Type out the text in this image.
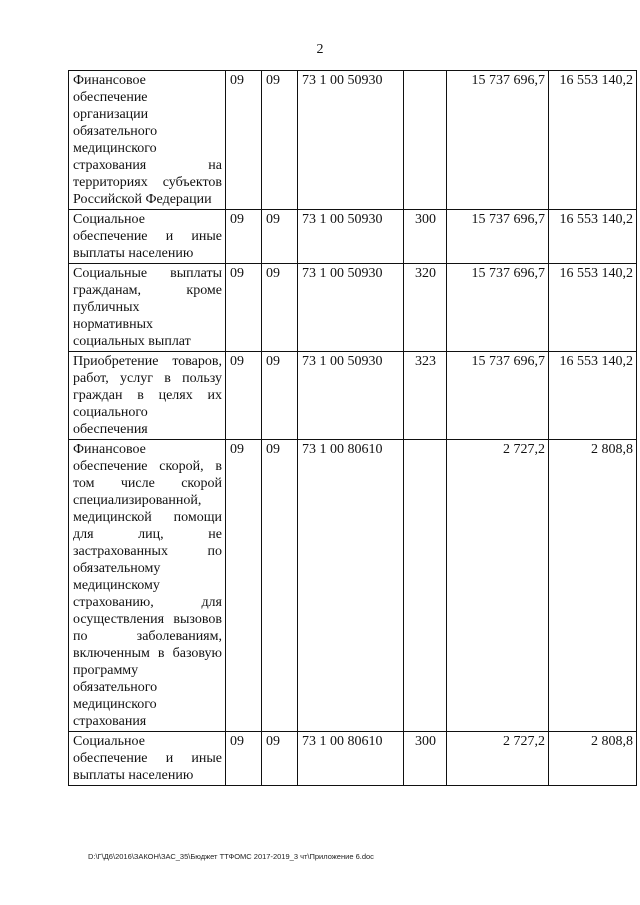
2
Финансовое обеспечение организации обязательного медицинского страхования на территориях субъектов Российской Федерации	09	09	73 1 00 50930		15 737 696,7	16 553 140,2
Социальное обеспечение и иные выплаты населению	09	09	73 1 00 50930	300	15 737 696,7	16 553 140,2
Социальные выплаты гражданам, кроме публичных нормативных социальных выплат	09	09	73 1 00 50930	320	15 737 696,7	16 553 140,2
Приобретение товаров, работ, услуг в пользу граждан в целях их социального обеспечения	09	09	73 1 00 50930	323	15 737 696,7	16 553 140,2
Финансовое обеспечение скорой, в том числе скорой специализированной, медицинской помощи для лиц, не застрахованных по обязательному медицинскому страхованию, для осуществления вызовов по заболеваниям, включенным в базовую программу обязательного медицинского страхования	09	09	73 1 00 80610		2 727,2	2 808,8
Социальное обеспечение и иные выплаты населению	09	09	73 1 00 80610	300	2 727,2	2 808,8
D:\Г\Д6\2016\ЗАКОН\ЗАС_35\Бюджет ТТФОМС 2017-2019_3 чт\Приложение 6.doc
